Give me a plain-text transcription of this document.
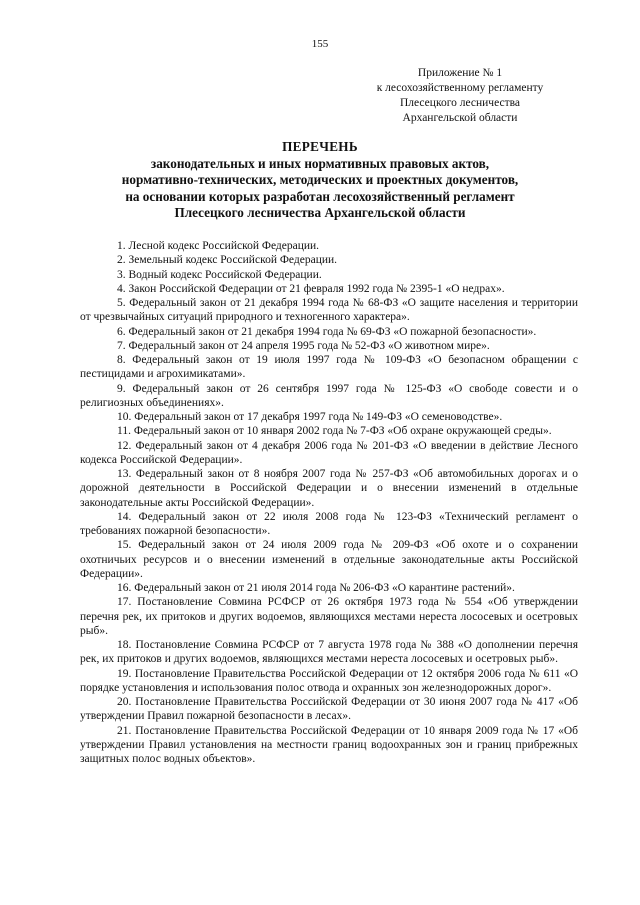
155
Приложение № 1
к лесохозяйственному регламенту
Плесецкого лесничества
Архангельской области
ПЕРЕЧЕНЬ
законодательных и иных нормативных правовых актов,
нормативно-технических, методических и проектных документов,
на основании которых разработан лесохозяйственный регламент
Плесецкого лесничества Архангельской области
1. Лесной кодекс Российской Федерации.
2. Земельный кодекс Российской Федерации.
3. Водный кодекс Российской Федерации.
4. Закон Российской Федерации от 21 февраля 1992 года № 2395-1 «О недрах».
5. Федеральный закон от 21 декабря 1994 года № 68-ФЗ «О защите населения и территории от чрезвычайных ситуаций природного и техногенного характера».
6. Федеральный закон от 21 декабря 1994 года № 69-ФЗ «О пожарной безопасности».
7. Федеральный закон от 24 апреля 1995 года № 52-ФЗ «О животном мире».
8. Федеральный закон от 19 июля 1997 года № 109-ФЗ «О безопасном обращении с пестицидами и агрохимикатами».
9. Федеральный закон от 26 сентября 1997 года № 125-ФЗ «О свободе совести и о религиозных объединениях».
10. Федеральный закон от 17 декабря 1997 года № 149-ФЗ «О семеноводстве».
11. Федеральный закон от 10 января 2002 года № 7-ФЗ «Об охране окружающей среды».
12. Федеральный закон от 4 декабря 2006 года № 201-ФЗ «О введении в действие Лесного кодекса Российской Федерации».
13. Федеральный закон от 8 ноября 2007 года № 257-ФЗ «Об автомобильных дорогах и о дорожной деятельности в Российской Федерации и о внесении изменений в отдельные законодательные акты Российской Федерации».
14. Федеральный закон от 22 июля 2008 года № 123-ФЗ «Технический регламент о требованиях пожарной безопасности».
15. Федеральный закон от 24 июля 2009 года № 209-ФЗ «Об охоте и о сохранении охотничьих ресурсов и о внесении изменений в отдельные законодательные акты Российской Федерации».
16. Федеральный закон от 21 июля 2014 года № 206-ФЗ «О карантине растений».
17. Постановление Совмина РСФСР от 26 октября 1973 года № 554 «Об утверждении перечня рек, их притоков и других водоемов, являющихся местами нереста лососевых и осетровых рыб».
18. Постановление Совмина РСФСР от 7 августа 1978 года № 388 «О дополнении перечня рек, их притоков и других водоемов, являющихся местами нереста лососевых и осетровых рыб».
19. Постановление Правительства Российской Федерации от 12 октября 2006 года № 611 «О порядке установления и использования полос отвода и охранных зон железнодорожных дорог».
20. Постановление Правительства Российской Федерации от 30 июня 2007 года № 417 «Об утверждении Правил пожарной безопасности в лесах».
21. Постановление Правительства Российской Федерации от 10 января 2009 года № 17 «Об утверждении Правил установления на местности границ водоохранных зон и границ прибрежных защитных полос водных объектов».
